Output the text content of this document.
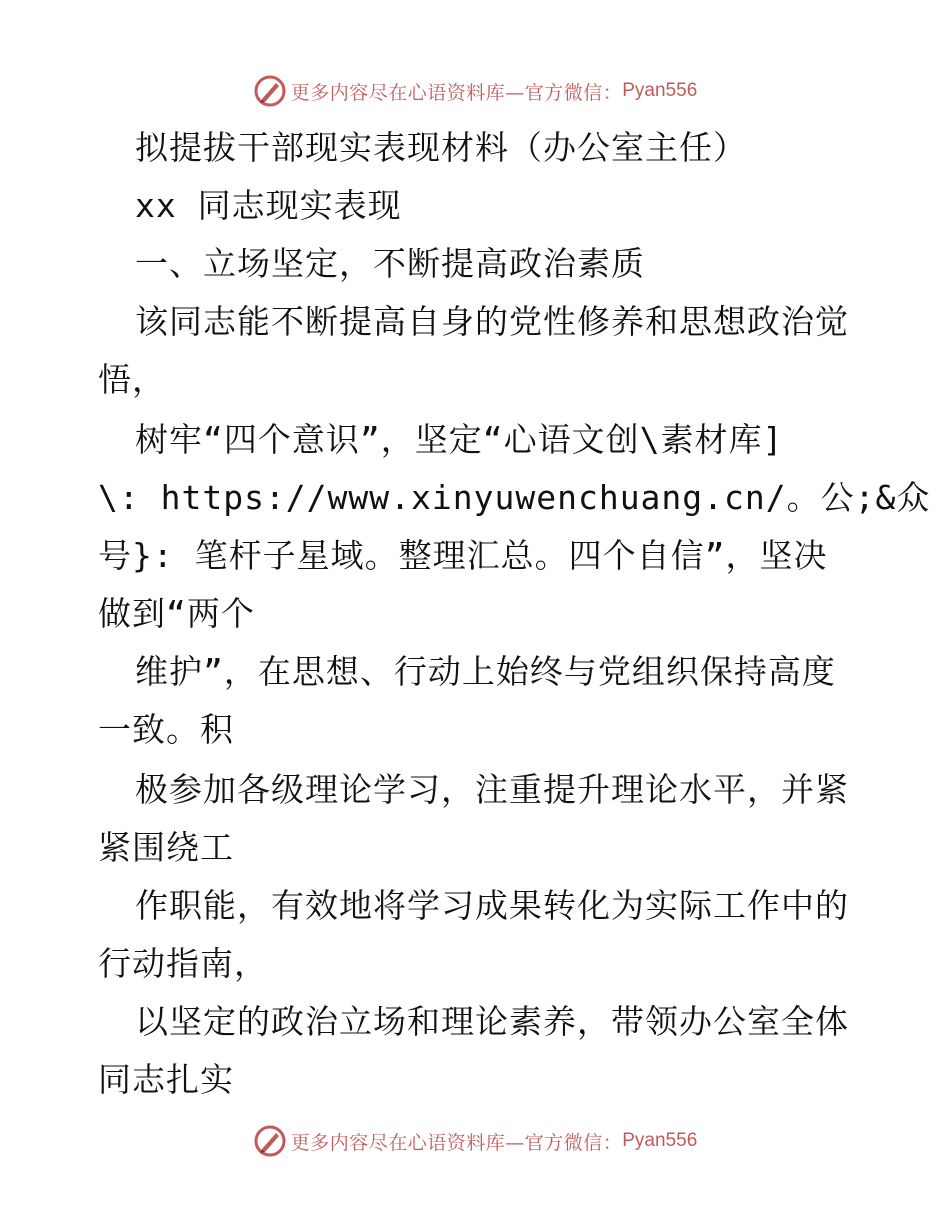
更多内容尽在心语资料库—官方微信： Pyan556
拟提拔干部现实表现材料（办公室主任）
xx 同志现实表现
一、立场坚定，不断提高政治素质
该同志能不断提高自身的党性修养和思想政治觉
悟，
树牢“四个意识”，坚定“心语文创\素材库]
\: https://www.xinyuwenchuang.cn/。公;&众
号}: 笔杆子星域。整理汇总。四个自信”，坚决
做到“两个
维护”，在思想、行动上始终与党组织保持高度
一致。积
极参加各级理论学习，注重提升理论水平，并紧
紧围绕工
作职能，有效地将学习成果转化为实际工作中的
行动指南，
以坚定的政治立场和理论素养，带领办公室全体
同志扎实
更多内容尽在心语资料库—官方微信： Pyan556
